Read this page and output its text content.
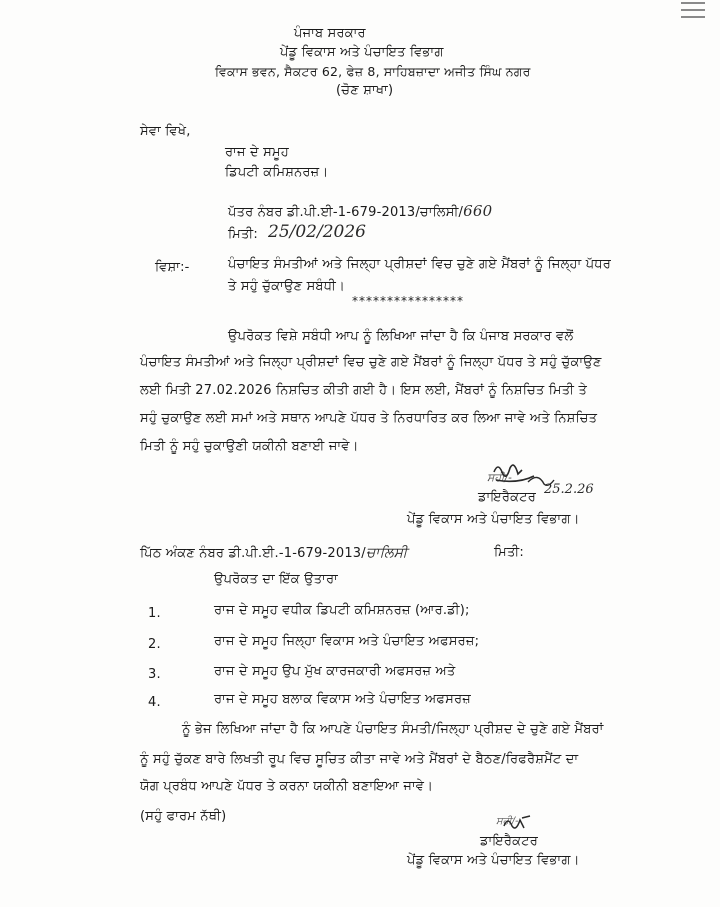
ਪੰਜਾਬ ਸਰਕਾਰ
ਪੇਂਡੂ ਵਿਕਾਸ ਅਤੇ ਪੰਚਾਇਤ ਵਿਭਾਗ
ਵਿਕਾਸ ਭਵਨ, ਸੈਕਟਰ 62, ਫੇਜ਼ 8, ਸਾਹਿਬਜ਼ਾਦਾ ਅਜੀਤ ਸਿੰਘ ਨਗਰ
(ਚੋਣ ਸ਼ਾਖਾ)
ਸੇਵਾ ਵਿਖੇ,
ਰਾਜ ਦੇ ਸਮੂਹ
ਡਿਪਟੀ ਕਮਿਸ਼ਨਰਜ਼।
ਪੱਤਰ ਨੰਬਰ ਡੀ.ਪੀ.ਈ-1-679-2013/ਚਾਲਿਸੀ/660
ਮਿਤੀ: 25/02/2026
ਵਿਸ਼ਾ:-	ਪੰਚਾਇਤ ਸੰਮਤੀਆਂ ਅਤੇ ਜਿਲ੍ਹਾ ਪ੍ਰੀਸ਼ਦਾਂ ਵਿਚ ਚੁਣੇ ਗਏ ਮੈਂਬਰਾਂ ਨੂੰ ਜਿਲ੍ਹਾ ਪੱਧਰ
ਤੇ ਸਹੁੰ ਚੁੱਕਾਉਣ ਸਬੰਧੀ।
****************
ਉਪਰੋਕਤ ਵਿਸ਼ੇ ਸਬੰਧੀ ਆਪ ਨੂੰ ਲਿਖਿਆ ਜਾਂਦਾ ਹੈ ਕਿ ਪੰਜਾਬ ਸਰਕਾਰ ਵਲੋਂ
ਪੰਚਾਇਤ ਸੰਮਤੀਆਂ ਅਤੇ ਜਿਲ੍ਹਾ ਪ੍ਰੀਸ਼ਦਾਂ ਵਿਚ ਚੁਣੇ ਗਏ ਮੈਂਬਰਾਂ ਨੂੰ ਜਿਲ੍ਹਾ ਪੱਧਰ ਤੇ ਸਹੁੰ ਚੁੱਕਾਉਣ
ਲਈ ਮਿਤੀ 27.02.2026 ਨਿਸ਼ਚਿਤ ਕੀਤੀ ਗਈ ਹੈ। ਇਸ ਲਈ, ਮੈਂਬਰਾਂ ਨੂੰ ਨਿਸ਼ਚਿਤ ਮਿਤੀ ਤੇ
ਸਹੁੰ ਚੁਕਾਉਣ ਲਈ ਸਮਾਂ ਅਤੇ ਸਥਾਨ ਆਪਣੇ ਪੱਧਰ ਤੇ ਨਿਰਧਾਰਿਤ ਕਰ ਲਿਆ ਜਾਵੇ ਅਤੇ ਨਿਸ਼ਚਿਤ
ਮਿਤੀ ਨੂੰ ਸਹੁੰ ਚੁਕਾਉਣੀ ਯਕੀਨੀ ਬਣਾਈ ਜਾਵੇ।
ਸਹੀ/-
25.2.26
ਡਾਇਰੈਕਟਰ
ਪੇਂਡੂ ਵਿਕਾਸ ਅਤੇ ਪੰਚਾਇਤ ਵਿਭਾਗ।
ਪਿੱਠ ਅੰਕਣ ਨੰਬਰ ਡੀ.ਪੀ.ਈ.-1-679-2013/ਚਾਲਿਸੀ	ਮਿਤੀ:
ਉਪਰੋਕਤ ਦਾ ਇੱਕ ਉਤਾਰਾ
1.	ਰਾਜ ਦੇ ਸਮੂਹ ਵਧੀਕ ਡਿਪਟੀ ਕਮਿਸ਼ਨਰਜ਼ (ਆਰ.ਡੀ);
2.	ਰਾਜ ਦੇ ਸਮੂਹ ਜਿਲ੍ਹਾ ਵਿਕਾਸ ਅਤੇ ਪੰਚਾਇਤ ਅਫਸਰਜ਼;
3.	ਰਾਜ ਦੇ ਸਮੂਹ ਉਪ ਮੁੱਖ ਕਾਰਜਕਾਰੀ ਅਫਸਰਜ਼ ਅਤੇ
4.	ਰਾਜ ਦੇ ਸਮੂਹ ਬਲਾਕ ਵਿਕਾਸ ਅਤੇ ਪੰਚਾਇਤ ਅਫਸਰਜ਼
ਨੂੰ ਭੇਜ ਲਿਖਿਆ ਜਾਂਦਾ ਹੈ ਕਿ ਆਪਣੇ ਪੰਚਾਇਤ ਸੰਮਤੀ/ਜਿਲ੍ਹਾ ਪ੍ਰੀਸ਼ਦ ਦੇ ਚੁਣੇ ਗਏ ਮੈਂਬਰਾਂ
ਨੂੰ ਸਹੁੰ ਚੁੱਕਣ ਬਾਰੇ ਲਿਖਤੀ ਰੂਪ ਵਿਚ ਸੂਚਿਤ ਕੀਤਾ ਜਾਵੇ ਅਤੇ ਮੈਂਬਰਾਂ ਦੇ ਬੈਠਣ/ਰਿਫਰੈਸ਼ਮੈਂਟ ਦਾ
ਯੋਗ ਪ੍ਰਬੰਧ ਆਪਣੇ ਪੱਧਰ ਤੇ ਕਰਨਾ ਯਕੀਨੀ ਬਣਾਇਆ ਜਾਵੇ।
(ਸਹੁੰ ਫਾਰਮ ਨੱਥੀ)	ਸਹੀ/-
ਡਾਇਰੈਕਟਰ
ਪੇਂਡੂ ਵਿਕਾਸ ਅਤੇ ਪੰਚਾਇਤ ਵਿਭਾਗ।
